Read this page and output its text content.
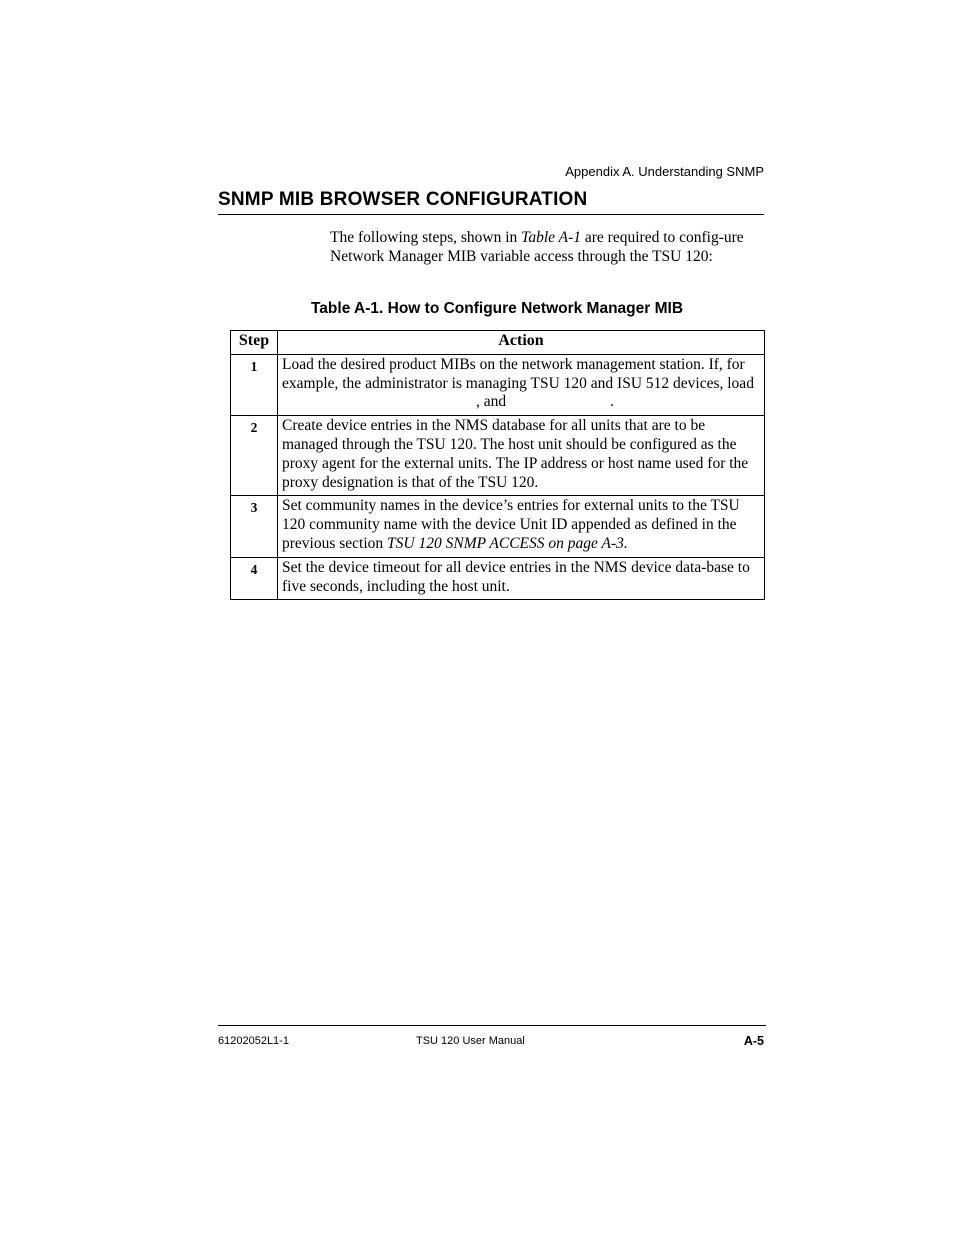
Appendix A. Understanding SNMP
SNMP MIB BROWSER CONFIGURATION

The following steps, shown in Table A-1 are required to config-ure Network Manager MIB variable access through the TSU 120:

Table A-1. How to Configure Network Manager MIB
Step	Action
1	Load the desired product MIBs on the network management station. If, for example, the administrator is managing TSU 120 and ISU 512 devices, load, and .
2	Create device entries in the NMS database for all units that are to be managed through the TSU 120. The host unit should be configured as the proxy agent for the external units. The IP address or host name used for the proxy designation is that of the TSU 120.
3	Set community names in the device’s entries for external units to the TSU 120 community name with the device Unit ID appended as defined in the previous section TSU 120 SNMP ACCESS on page A-3.
4	Set the device timeout for all device entries in the NMS device data-base to five seconds, including the host unit.
61202052L1-1	TSU 120 User Manual	A-5
